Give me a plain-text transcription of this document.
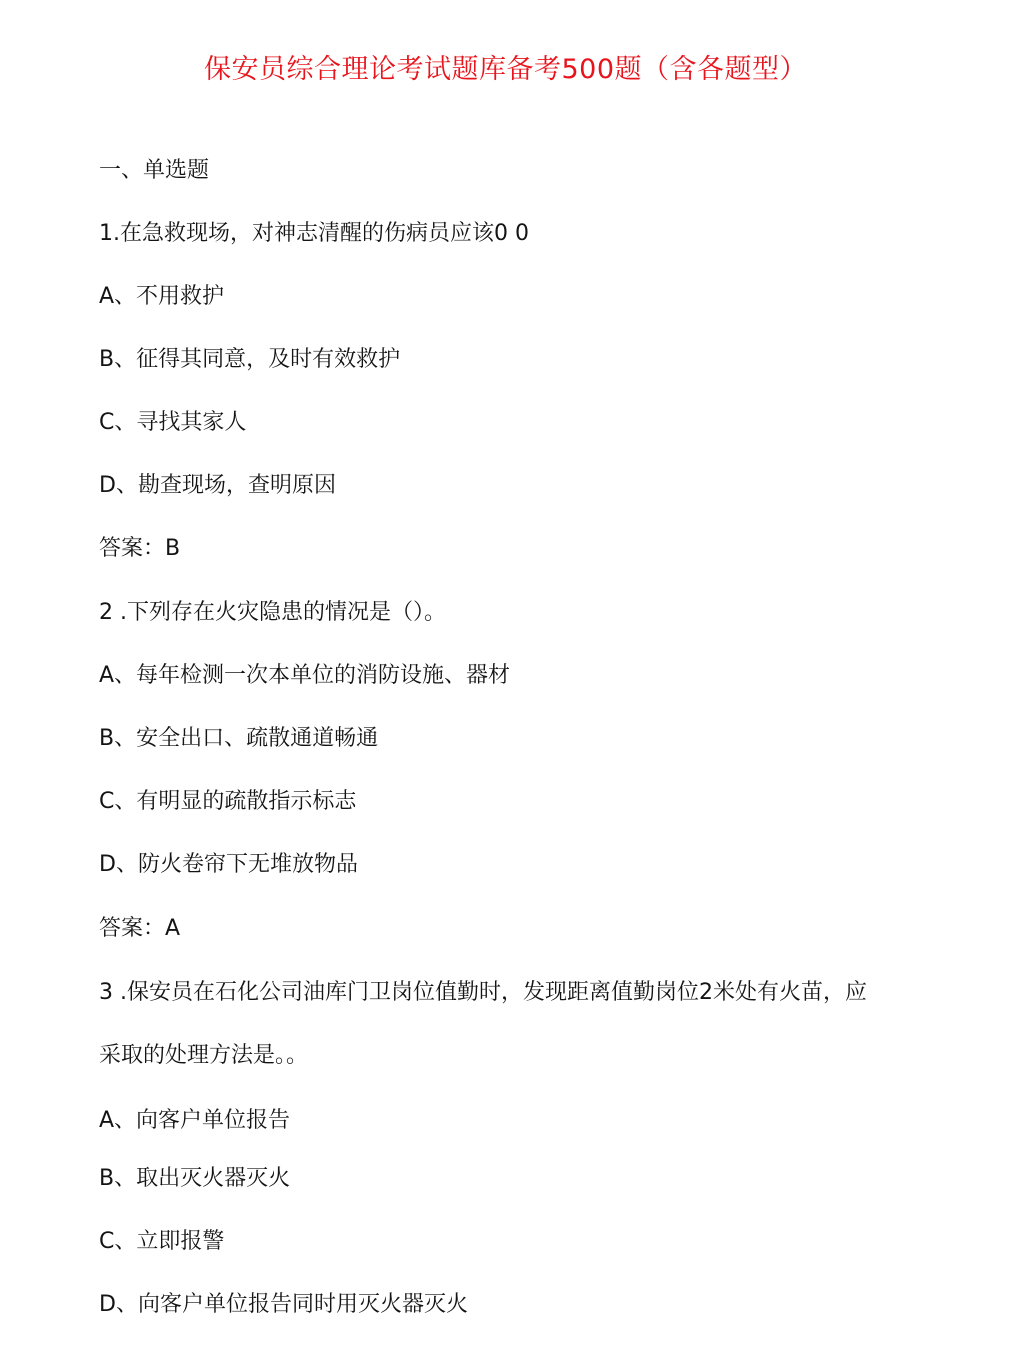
保安员综合理论考试题库备考500题（含各题型）
一、单选题
1.在急救现场，对神志清醒的伤病员应该0 0
A、不用救护
B、征得其同意，及时有效救护
C、寻找其家人
D、勘查现场，查明原因
答案：B
2 .下列存在火灾隐患的情况是（）。
A、每年检测一次本单位的消防设施、器材
B、安全出口、疏散通道畅通
C、有明显的疏散指示标志
D、防火卷帘下无堆放物品
答案：A
3 .保安员在石化公司油库门卫岗位值勤时，发现距离值勤岗位2米处有火苗，应
采取的处理方法是。。
A、向客户单位报告
B、取出灭火器灭火
C、立即报警
D、向客户单位报告同时用灭火器灭火
